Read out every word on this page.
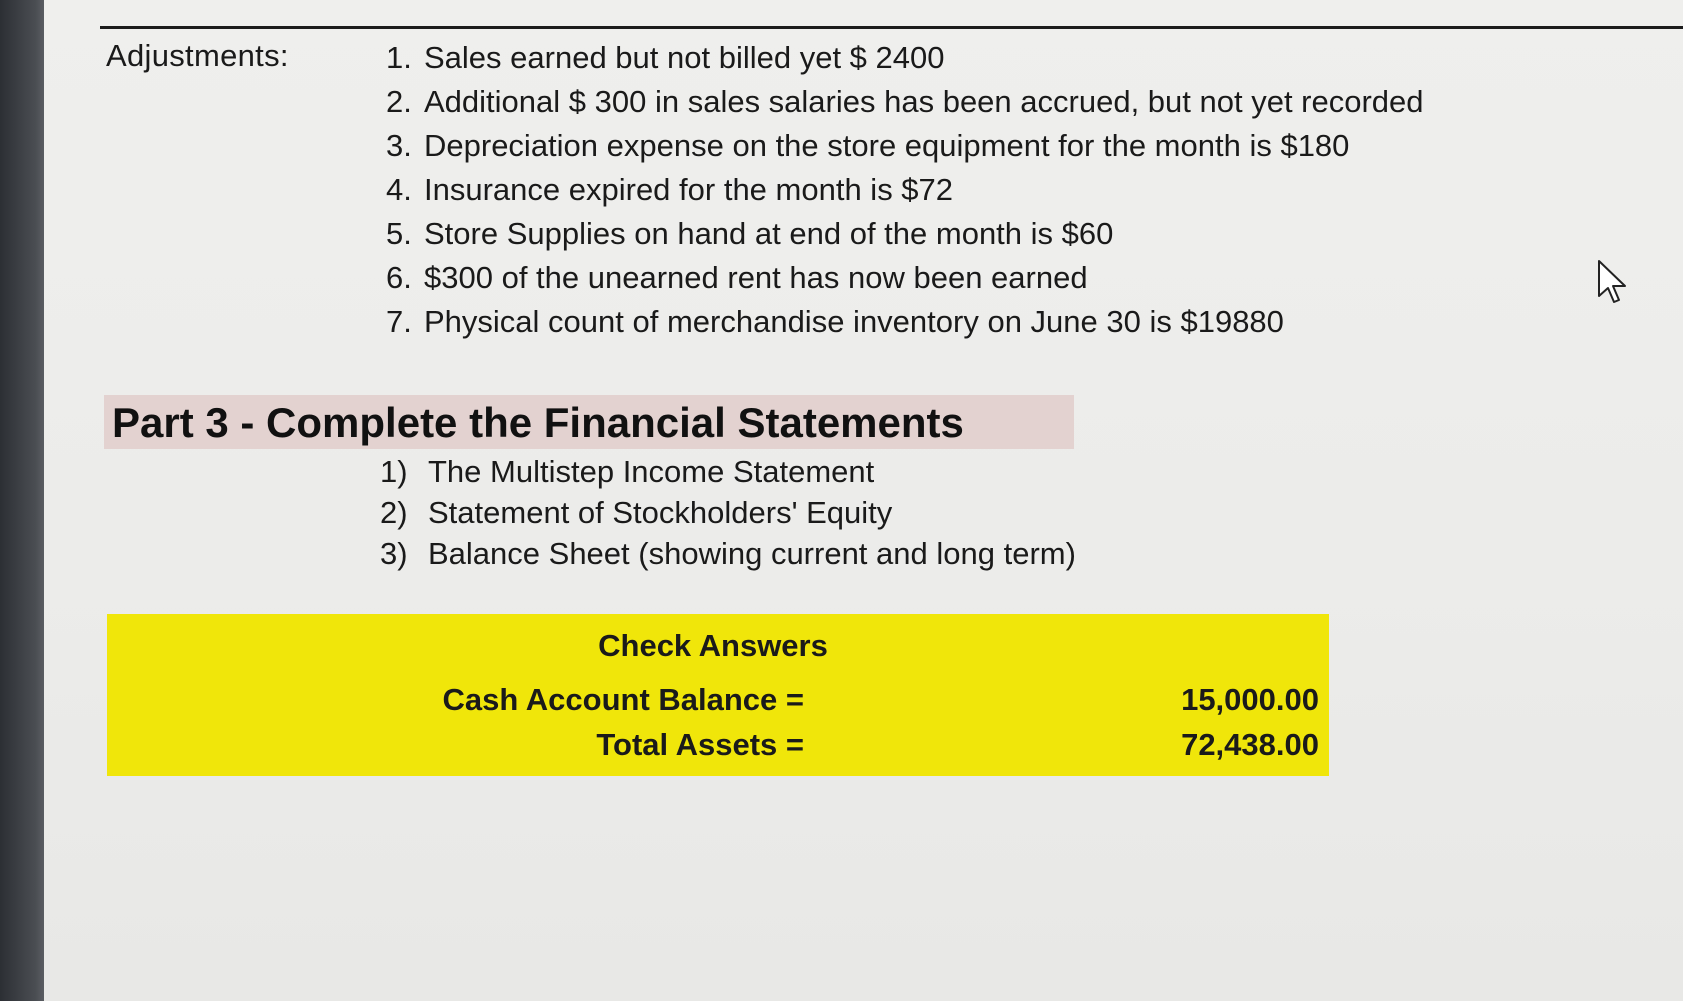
Adjustments:	1. Sales earned but not billed yet $ 2400
2. Additional $ 300 in sales salaries has been accrued, but not yet recorded
3. Depreciation expense on the store equipment for the month is $180
4. Insurance expired for the month is $72
5. Store Supplies on hand at end of the month is $60
6. $300 of the unearned rent has now been earned
7. Physical count of merchandise inventory on June 30 is $19880
Part 3 - Complete the Financial Statements
1) The Multistep Income Statement
2) Statement of Stockholders' Equity
3) Balance Sheet (showing current and long term)
Check Answers
Cash Account Balance =	15,000.00
Total Assets =	72,438.00
